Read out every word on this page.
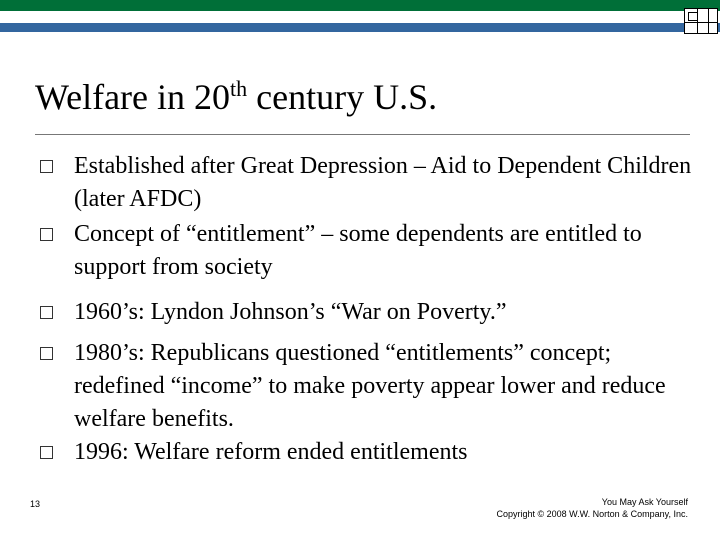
Welfare in 20th century U.S.
Established after Great Depression – Aid to Dependent Children (later AFDC)
Concept of “entitlement” – some dependents are entitled to support from society
1960’s: Lyndon Johnson’s “War on Poverty.”
1980’s: Republicans questioned “entitlements” concept; redefined “income” to make poverty appear lower and reduce welfare benefits.
1996: Welfare reform ended entitlements
13	You May Ask Yourself
Copyright © 2008 W.W. Norton & Company, Inc.
